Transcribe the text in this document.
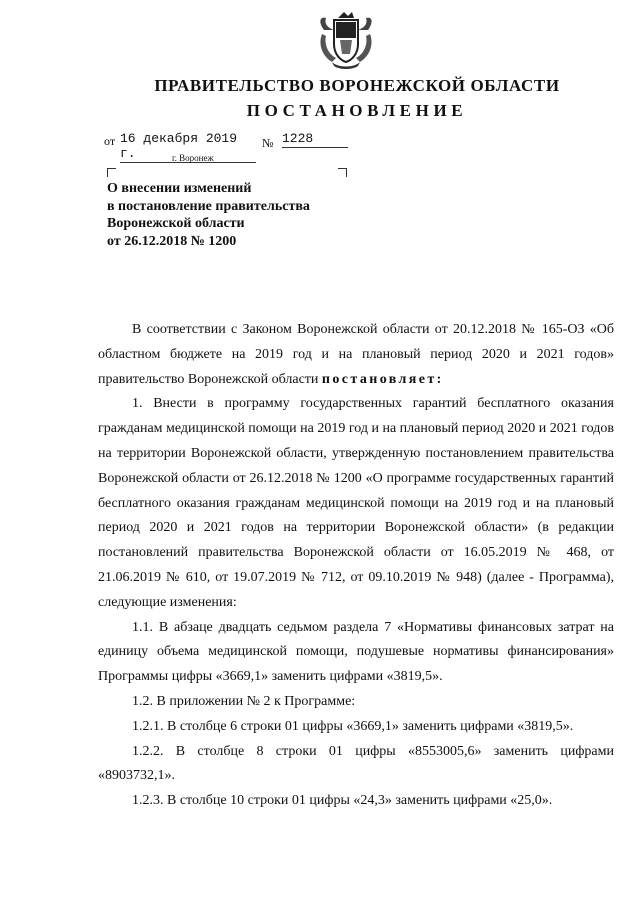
ПРАВИТЕЛЬСТВО ВОРОНЕЖСКОЙ ОБЛАСТИ
ПОСТАНОВЛЕНИЕ
от 16 декабря 2019 г.
№ 1228
г. Воронеж
О внесении изменений
в постановление правительства
Воронежской области
от 26.12.2018 № 1200

В соответствии с Законом Воронежской области от 20.12.2018 № 165-ОЗ «Об областном бюджете на 2019 год и на плановый период 2020 и 2021 годов» правительство Воронежской области постановляет:

1. Внести в программу государственных гарантий бесплатного оказания гражданам медицинской помощи на 2019 год и на плановый период 2020 и 2021 годов на территории Воронежской области, утвержденную постановлением правительства Воронежской области от 26.12.2018 № 1200 «О программе государственных гарантий бесплатного оказания гражданам медицинской помощи на 2019 год и на плановый период 2020 и 2021 годов на территории Воронежской области» (в редакции постановлений правительства Воронежской области от 16.05.2019 № 468, от 21.06.2019 № 610, от 19.07.2019 № 712, от 09.10.2019 № 948) (далее - Программа), следующие изменения:

1.1. В абзаце двадцать седьмом раздела 7 «Нормативы финансовых затрат на единицу объема медицинской помощи, подушевые нормативы финансирования» Программы цифры «3669,1» заменить цифрами «3819,5».

1.2. В приложении № 2 к Программе:

1.2.1. В столбце 6 строки 01 цифры «3669,1» заменить цифрами «3819,5».

1.2.2. В столбце 8 строки 01 цифры «8553005,6» заменить цифрами «8903732,1».

1.2.3. В столбце 10 строки 01 цифры «24,3» заменить цифрами «25,0».
